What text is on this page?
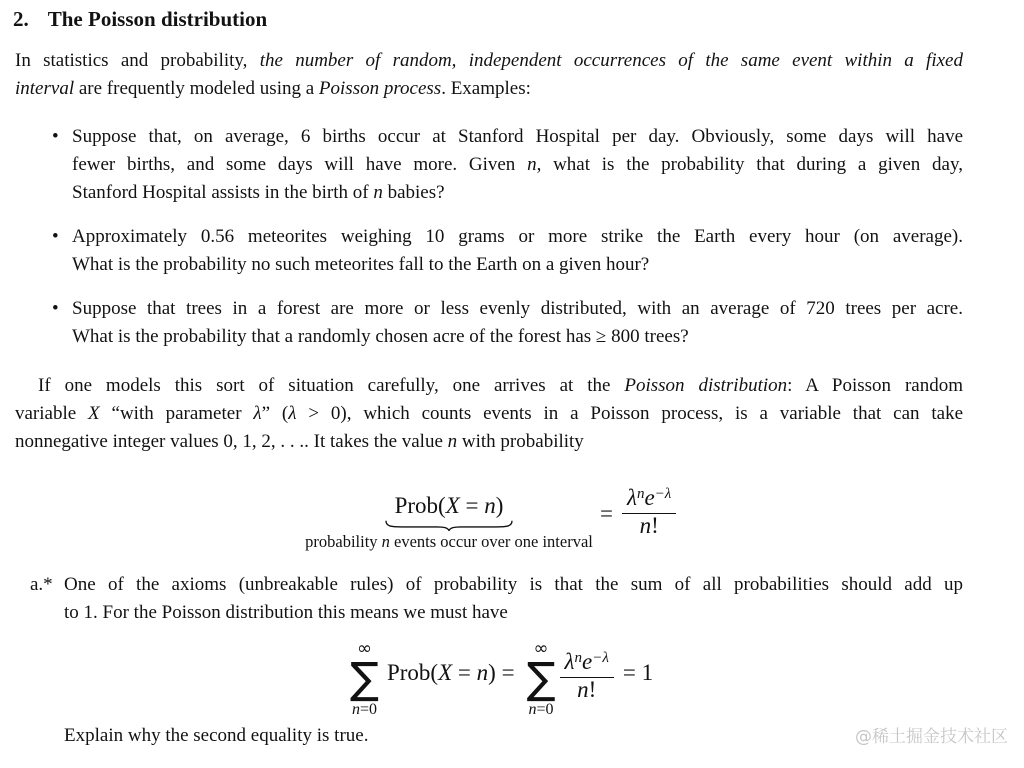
2. The Poisson distribution
In statistics and probability, the number of random, independent occurrences of the same event within a fixed
interval are frequently modeled using a Poisson process. Examples:
• Suppose that, on average, 6 births occur at Stanford Hospital per day. Obviously, some days will have
fewer births, and some days will have more. Given n, what is the probability that during a given day,
Stanford Hospital assists in the birth of n babies?
• Approximately 0.56 meteorites weighing 10 grams or more strike the Earth every hour (on average).
What is the probability no such meteorites fall to the Earth on a given hour?
• Suppose that trees in a forest are more or less evenly distributed, with an average of 720 trees per acre.
What is the probability that a randomly chosen acre of the forest has ≥ 800 trees?
If one models this sort of situation carefully, one arrives at the Poisson distribution: A Poisson random
variable X “with parameter λ” (λ > 0), which counts events in a Poisson process, is a variable that can take
nonnegative integer values 0, 1, 2, . . .. It takes the value n with probability
Prob(X = n)
probability n events occur over one interval
=
$\lambda^ne^{-\lambda}$
n!
a.* One of the axioms (unbreakable rules) of probability is that the sum of all probabilities should add up
to 1. For the Poisson distribution this means we must have
∞
∑
n=0
Prob(X = n) =
∞
∑
n=0
$\frac{\lambda^ne^{-\lambda}}{n!} = 1$
Explain why the second equality is true.	@稀土掘金技术社区
